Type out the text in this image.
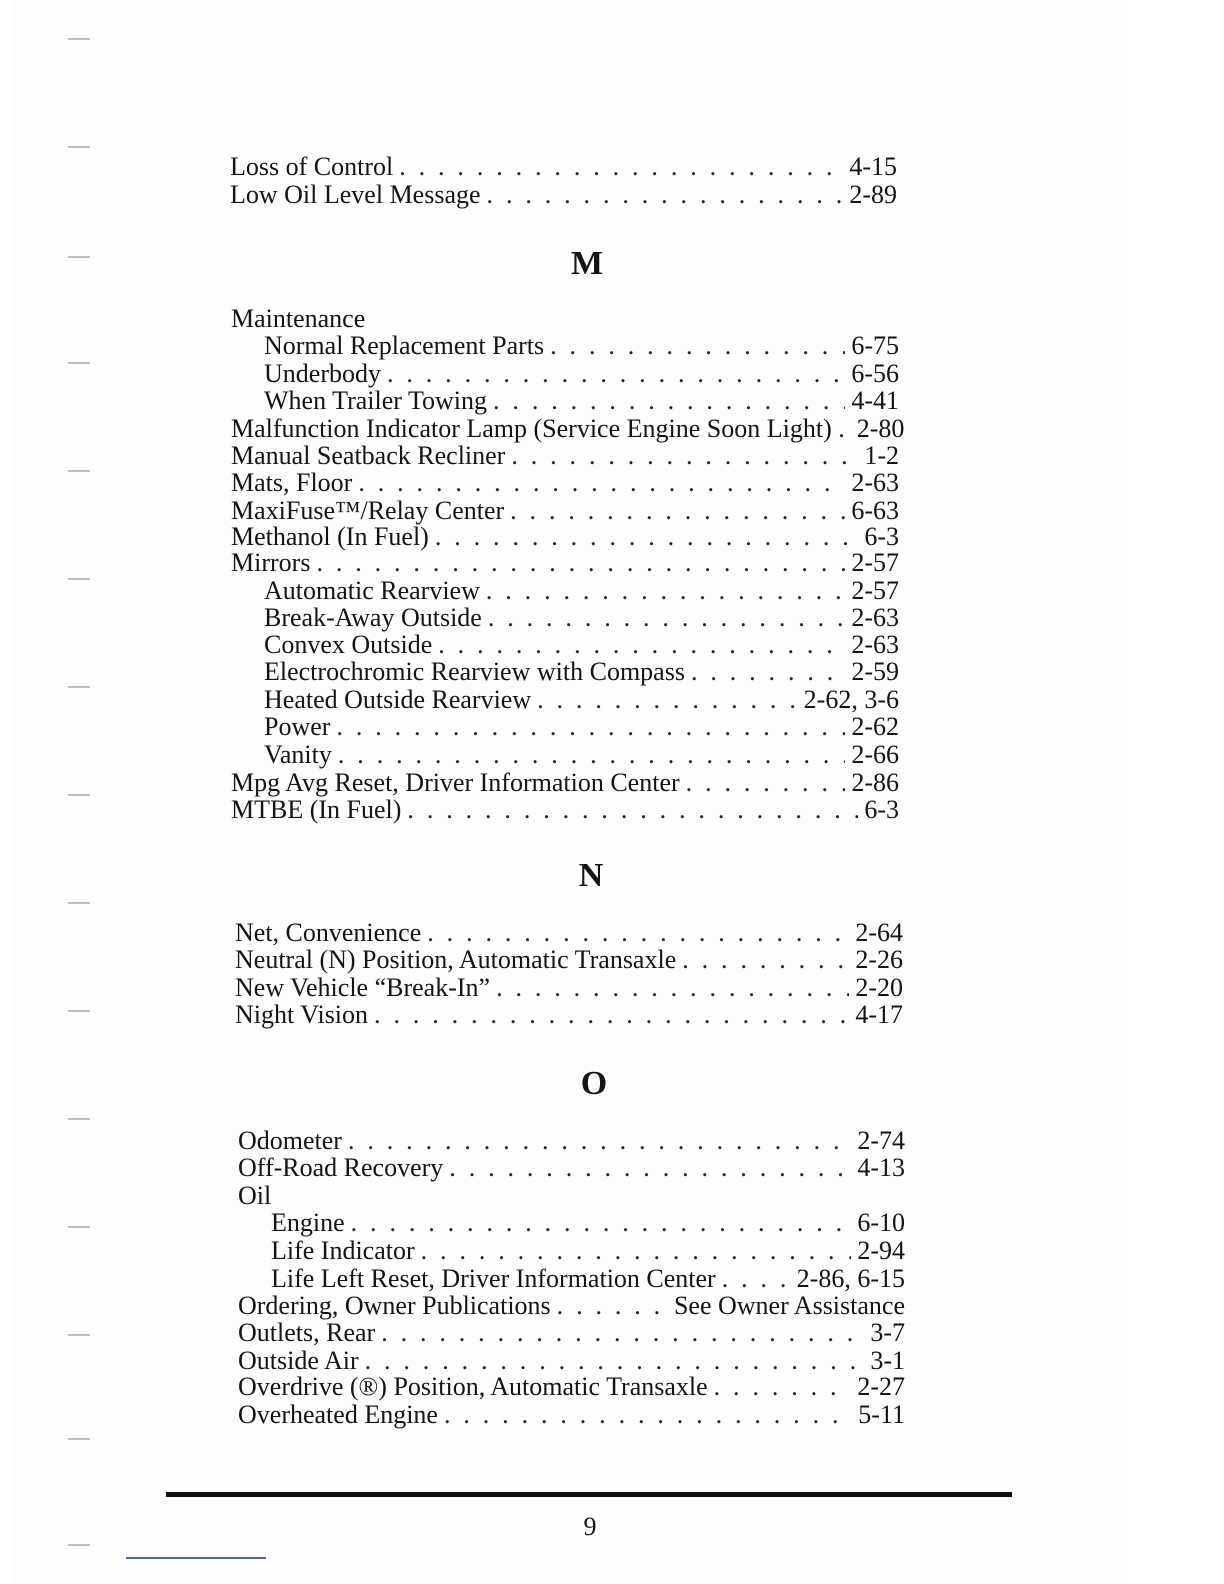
Loss of Control . . .	4-15
Low Oil Level Message . . .	2-89
M
Maintenance
Normal Replacement Parts . . .	6-75
Underbody . . .	6-56
When Trailer Towing . . .	4-41
Malfunction Indicator Lamp (Service Engine Soon Light) . 2-80
Manual Seatback Recliner . . .	1-2
Mats, Floor . . .	2-63
MaxiFuse™/Relay Center . . .	6-63
Methanol (In Fuel) . . .	6-3
Mirrors . . .	2-57
Automatic Rearview . . .	2-57
Break-Away Outside . . .	2-63
Convex Outside . . .	2-63
Electrochromic Rearview with Compass . . .	2-59
Heated Outside Rearview . . .	2-62, 3-6
Power . . .	2-62
Vanity . . .	2-66
Mpg Avg Reset, Driver Information Center . . .	2-86
MTBE (In Fuel) . . .	6-3
N
Net, Convenience . . .	2-64
Neutral (N) Position, Automatic Transaxle . . .	2-26
New Vehicle “Break-In” . . .	2-20
Night Vision . . .	4-17
O
Odometer . . .	2-74
Off-Road Recovery . . .	4-13
Oil
Engine . . .	6-10
Life Indicator . . .	2-94
Life Left Reset, Driver Information Center . . .	2-86, 6-15
Ordering, Owner Publications . . .	See Owner Assistance
Outlets, Rear . . .	3-7
Outside Air . . .	3-1
Overdrive (®) Position, Automatic Transaxle . . .	2-27
Overheated Engine . . .	5-11
9
